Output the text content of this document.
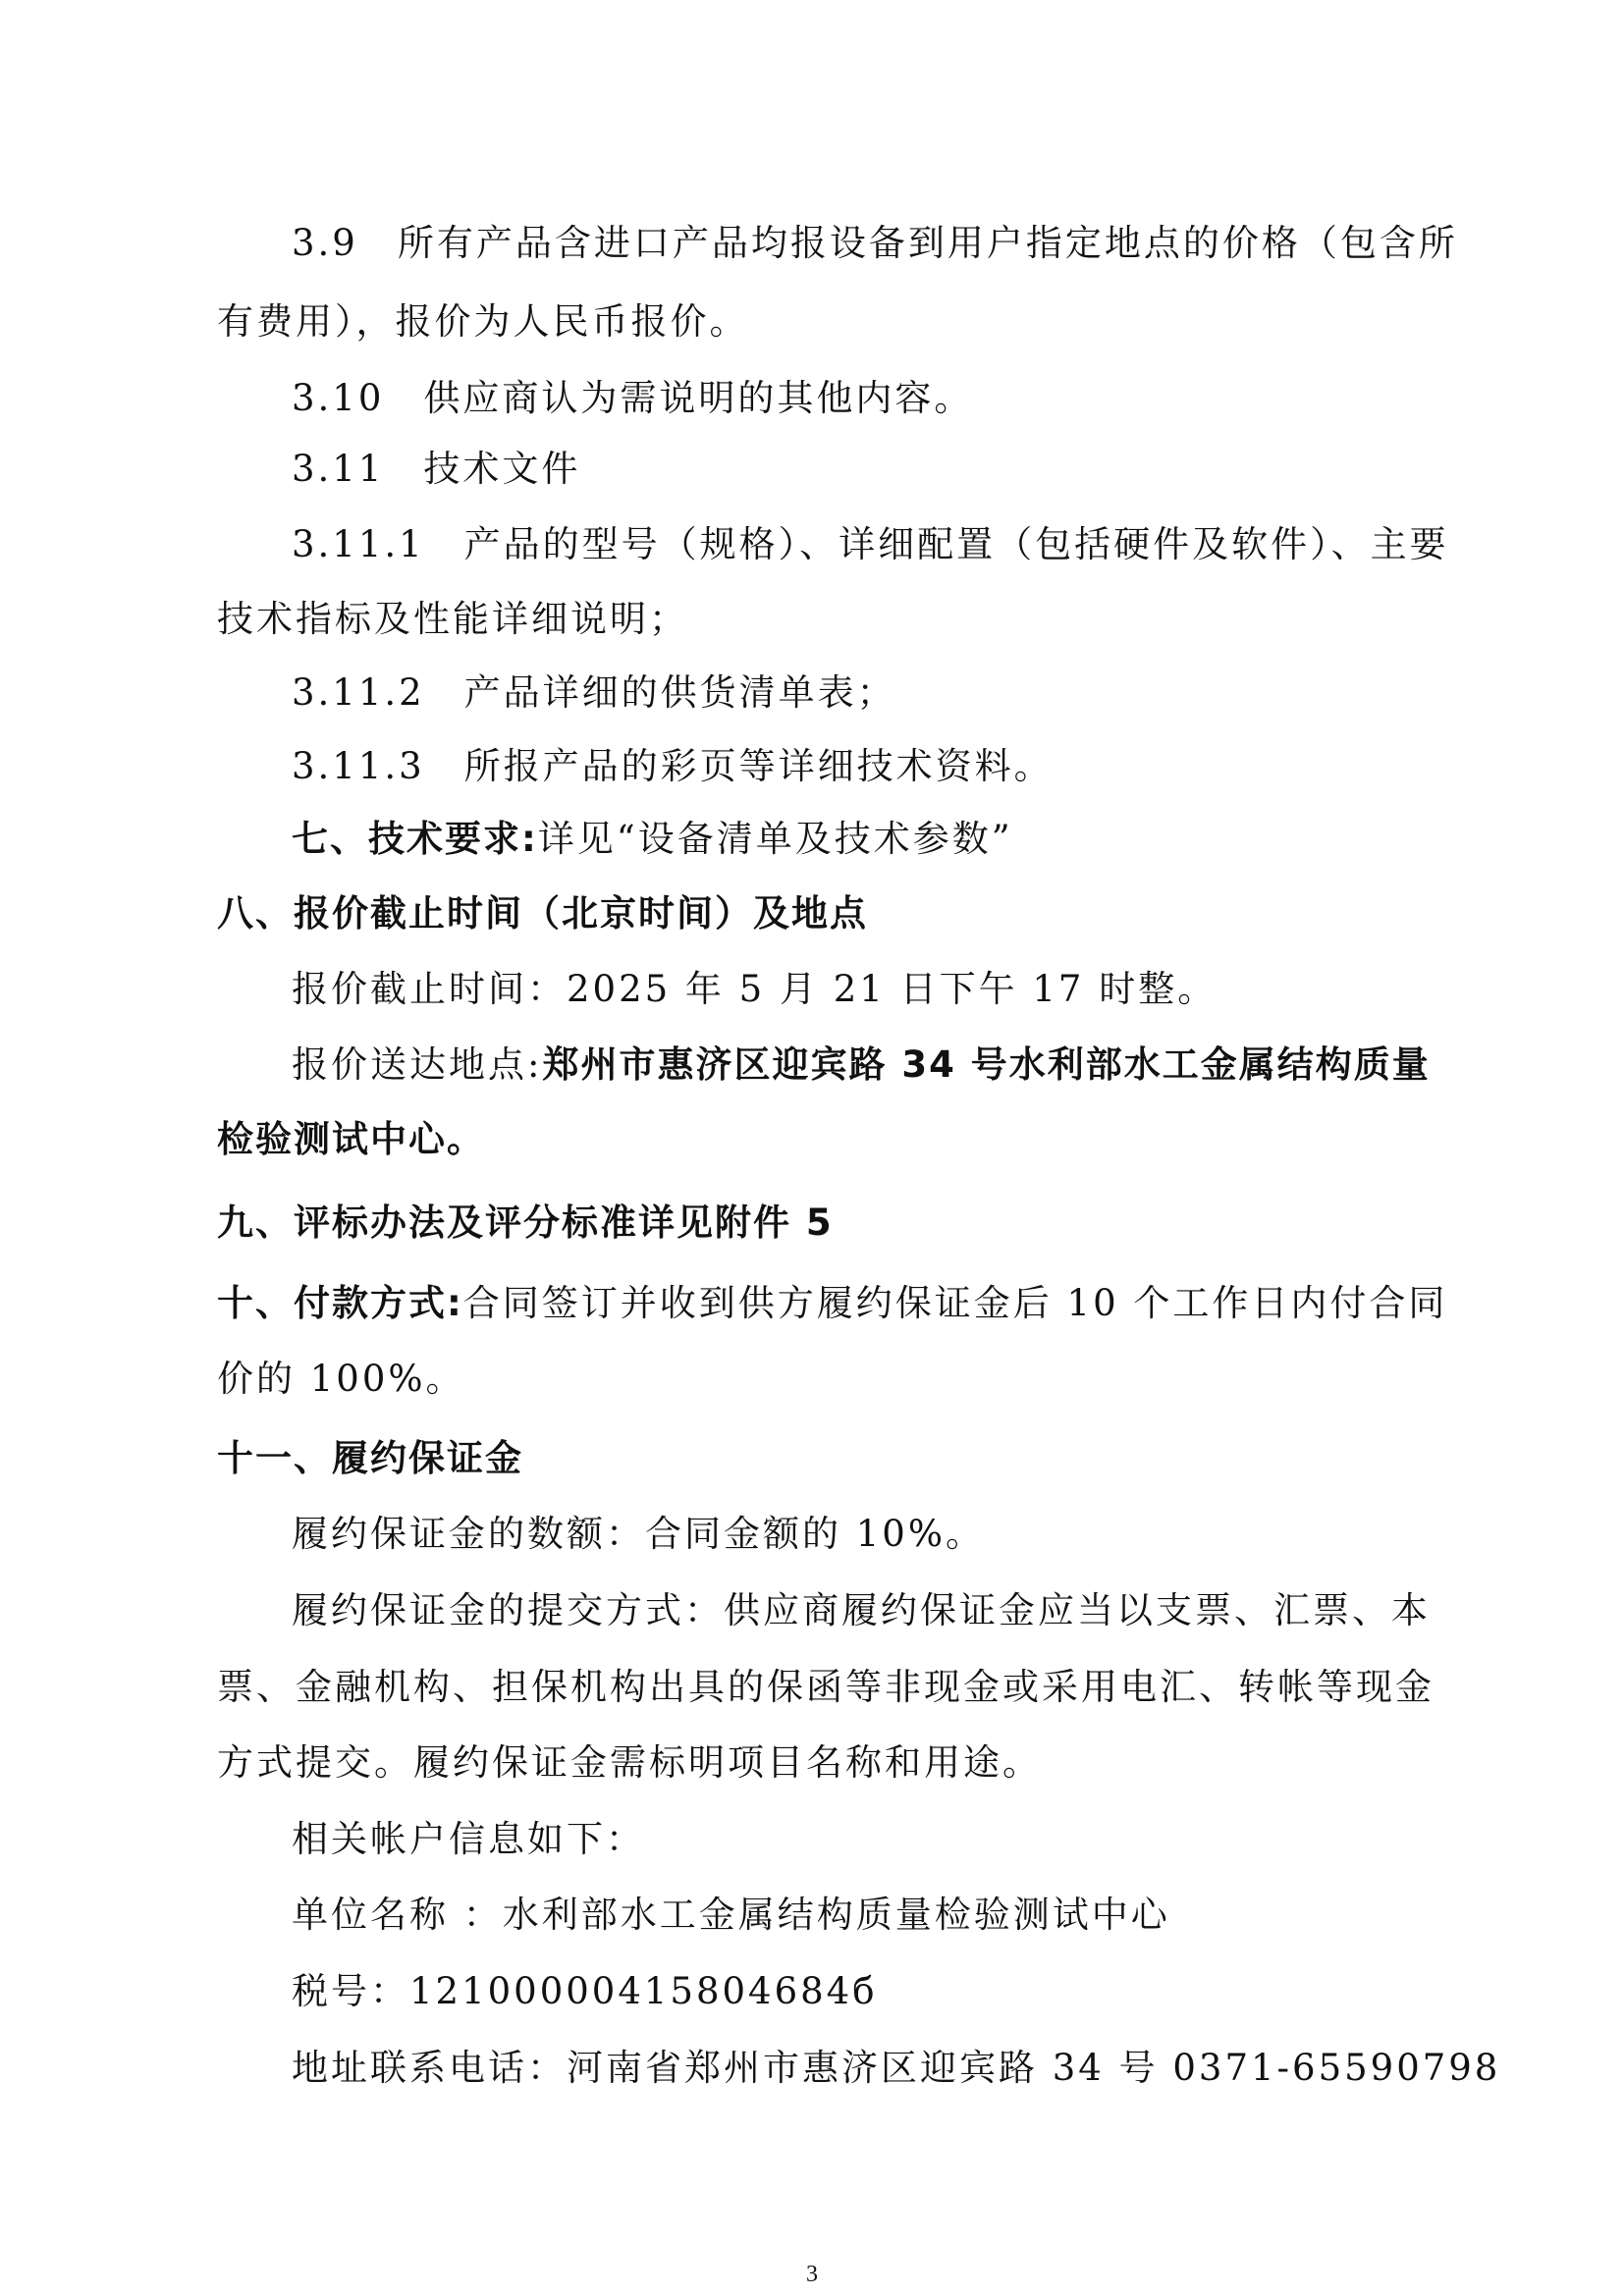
3.9　所有产品含进口产品均报设备到用户指定地点的价格（包含所
有费用），报价为人民币报价。
3.10　供应商认为需说明的其他内容。
3.11　技术文件
3.11.1　产品的型号（规格）、详细配置（包括硬件及软件）、主要
技术指标及性能详细说明；
3.11.2　产品详细的供货清单表；
3.11.3　所报产品的彩页等详细技术资料。
七、技术要求:详见“设备清单及技术参数”
八、报价截止时间（北京时间）及地点
报价截止时间：2025 年 5 月 21 日下午 17 时整。
报价送达地点:郑州市惠济区迎宾路 34 号水利部水工金属结构质量
检验测试中心。
九、评标办法及评分标准详见附件 5
十、付款方式:合同签订并收到供方履约保证金后 10 个工作日内付合同
价的 100%。
十一、履约保证金
履约保证金的数额：合同金额的 10%。
履约保证金的提交方式：供应商履约保证金应当以支票、汇票、本
票、金融机构、担保机构出具的保函等非现金或采用电汇、转帐等现金
方式提交。履约保证金需标明项目名称和用途。
相关帐户信息如下：
单位名称 ：水利部水工金属结构质量检验测试中心
税号：12100000415804684б
地址联系电话：河南省郑州市惠济区迎宾路 34 号 0371-65590798
3
